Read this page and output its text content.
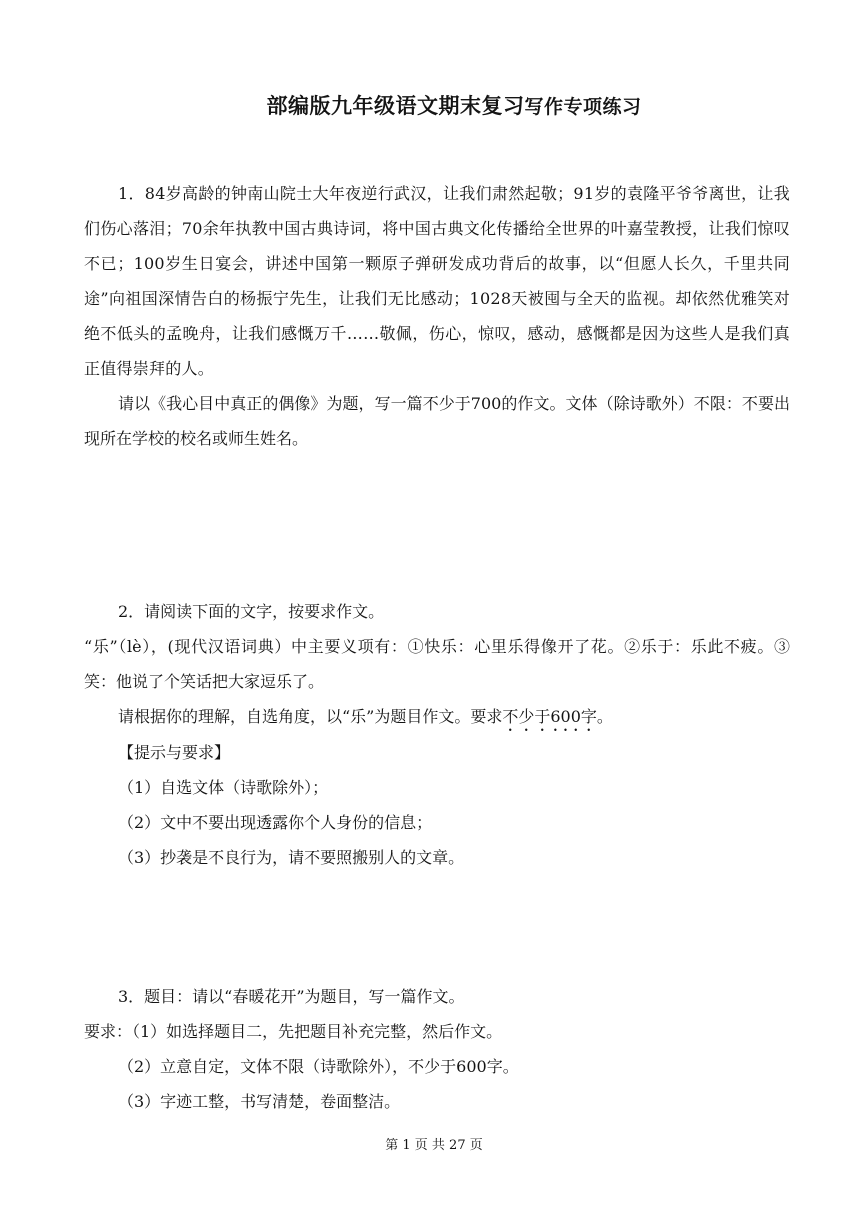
部编版九年级语文期末复习写作专项练习

1．84岁高龄的钟南山院士大年夜逆行武汉，让我们肃然起敬；91岁的袁隆平爷爷离世，让我们伤心落泪；70余年执教中国古典诗词，将中国古典文化传播给全世界的叶嘉莹教授，让我们惊叹不已；100岁生日宴会，讲述中国第一颗原子弹研发成功背后的故事，以“但愿人长久，千里共同途”向祖国深情告白的杨振宁先生，让我们无比感动；1028天被囤与全天的监视。却依然优雅笑对绝不低头的孟晚舟，让我们感慨万千……敬佩，伤心，惊叹，感动，感慨都是因为这些人是我们真正值得崇拜的人。

请以《我心目中真正的偶像》为题，写一篇不少于700的作文。文体（除诗歌外）不限：不要出现所在学校的校名或师生姓名。

2．请阅读下面的文字，按要求作文。

“乐”（lè），(现代汉语词典）中主要义项有：①快乐：心里乐得像开了花。②乐于：乐此不疲。③笑：他说了个笑话把大家逗乐了。

请根据你的理解，自选角度，以“乐”为题目作文。要求不少于600字。

【提示与要求】

（1）自选文体（诗歌除外）；

（2）文中不要出现透露你个人身份的信息；

（3）抄袭是不良行为，请不要照搬别人的文章。

3．题目：请以“春暖花开”为题目，写一篇作文。

要求：（1）如选择题目二，先把题目补充完整，然后作文。

（2）立意自定，文体不限（诗歌除外），不少于600字。

（3）字迹工整，书写清楚，卷面整洁。

第 1 页 共 27 页
